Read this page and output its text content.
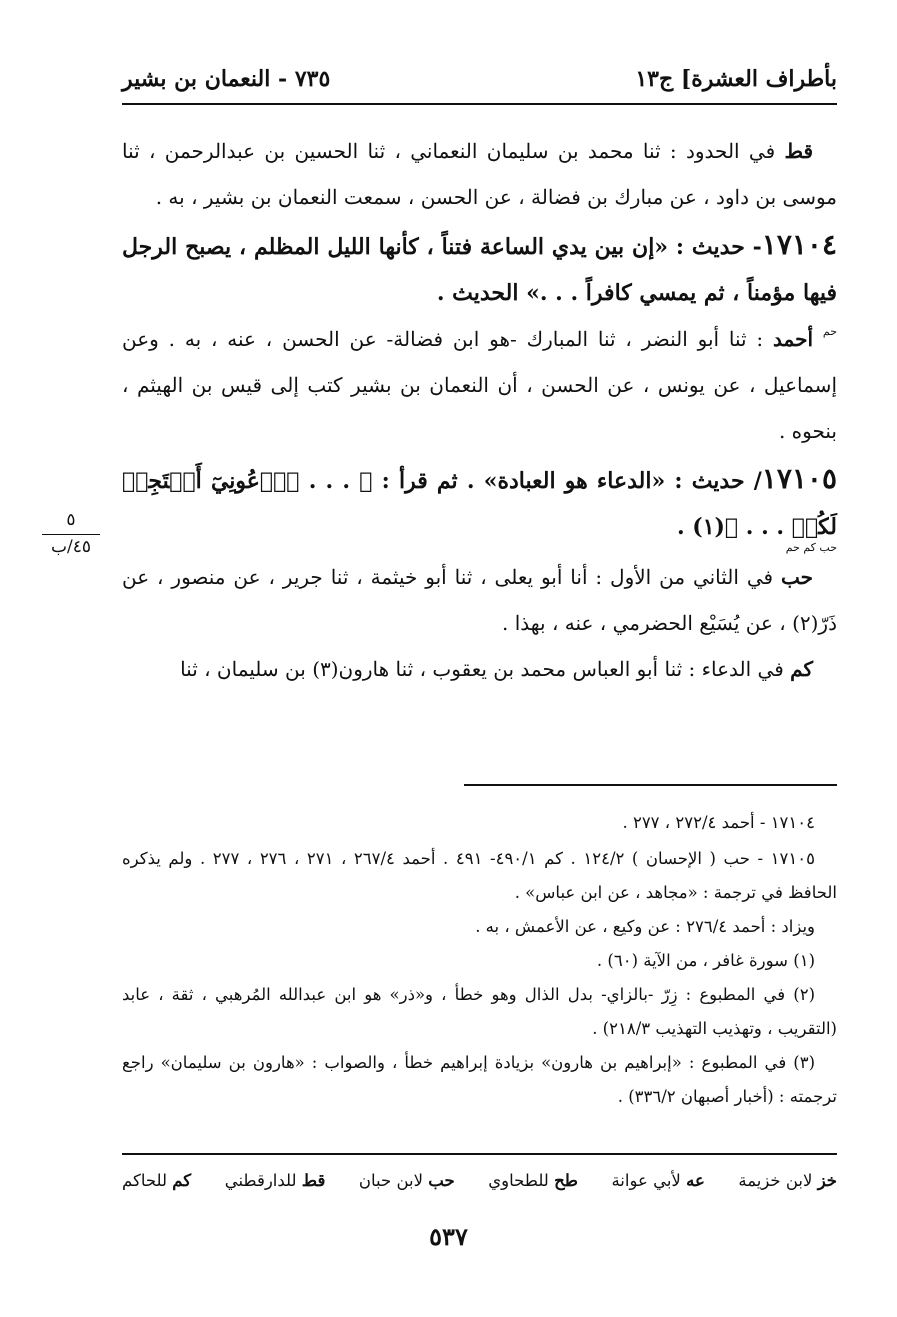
بأطراف العشرة] ج١٣
٧٣٥ - النعمان بن بشير

قط في الحدود : ثنا محمد بن سليمان النعماني ، ثنا الحسين بن عبدالرحمن ، ثنا موسى بن داود ، عن مبارك بن فضالة ، عن الحسن ، سمعت النعمان بن بشير ، به .

١٧١٠٤- حديث : «إن بين يدي الساعة فتناً ، كأنها الليل المظلم ، يصبح الرجل فيها مؤمناً ، ثم يمسي كافراً . . .» الحديث .
حم

أحمد : ثنا أبو النضر ، ثنا المبارك -هو ابن فضالة- عن الحسن ، عنه ، به . وعن إسماعيل ، عن يونس ، عن الحسن ، أن النعمان بن بشير كتب إلى قيس بن الهيثم ، بنحوه .

١٧١٠٥/ حديث : «الدعاء هو العبادة» . ثم قرأ : ﴿ . . . ٱدۡعُونِيٓ أَسۡتَجِبۡ لَكُمۡ . . . ﴾(١) .
حب كم حم

حب في الثاني من الأول : أنا أبو يعلى ، ثنا أبو خيثمة ، ثنا جرير ، عن منصور ، عن ذَرّ(٢) ، عن يُسَيْع الحضرمي ، عنه ، بهذا .

كم في الدعاء : ثنا أبو العباس محمد بن يعقوب ، ثنا هارون(٣) بن سليمان ، ثنا

٥
٤٥/ب

١٧١٠٤ - أحمد ٢٧٢/٤ ، ٢٧٧ .

١٧١٠٥ - حب ( الإحسان ) ١٢٤/٢ . كم ٤٩٠/١- ٤٩١ . أحمد ٢٦٧/٤ ، ٢٧١ ، ٢٧٦ ، ٢٧٧ . ولم يذكره الحافظ في ترجمة : «مجاهد ، عن ابن عباس» .

ويزاد : أحمد ٢٧٦/٤ : عن وكيع ، عن الأعمش ، به .

(١) سورة غافر ، من الآية (٦٠) .

(٢) في المطبوع : زِرّ -بالزاي- بدل الذال وهو خطأ ، و«ذر» هو ابن عبدالله المُرهبي ، ثقة ، عابد (التقريب ، وتهذيب التهذيب ٢١٨/٣) .

(٣) في المطبوع : «إبراهيم بن هارون» بزيادة إبراهيم خطأ ، والصواب : «هارون بن سليمان» راجع ترجمته : (أخبار أصبهان ٣٣٦/٢) .

خز لابن خزيمة
عه لأبي عوانة
طح للطحاوي
حب لابن حبان
قط للدارقطني
كم للحاكم
٥٣٧
